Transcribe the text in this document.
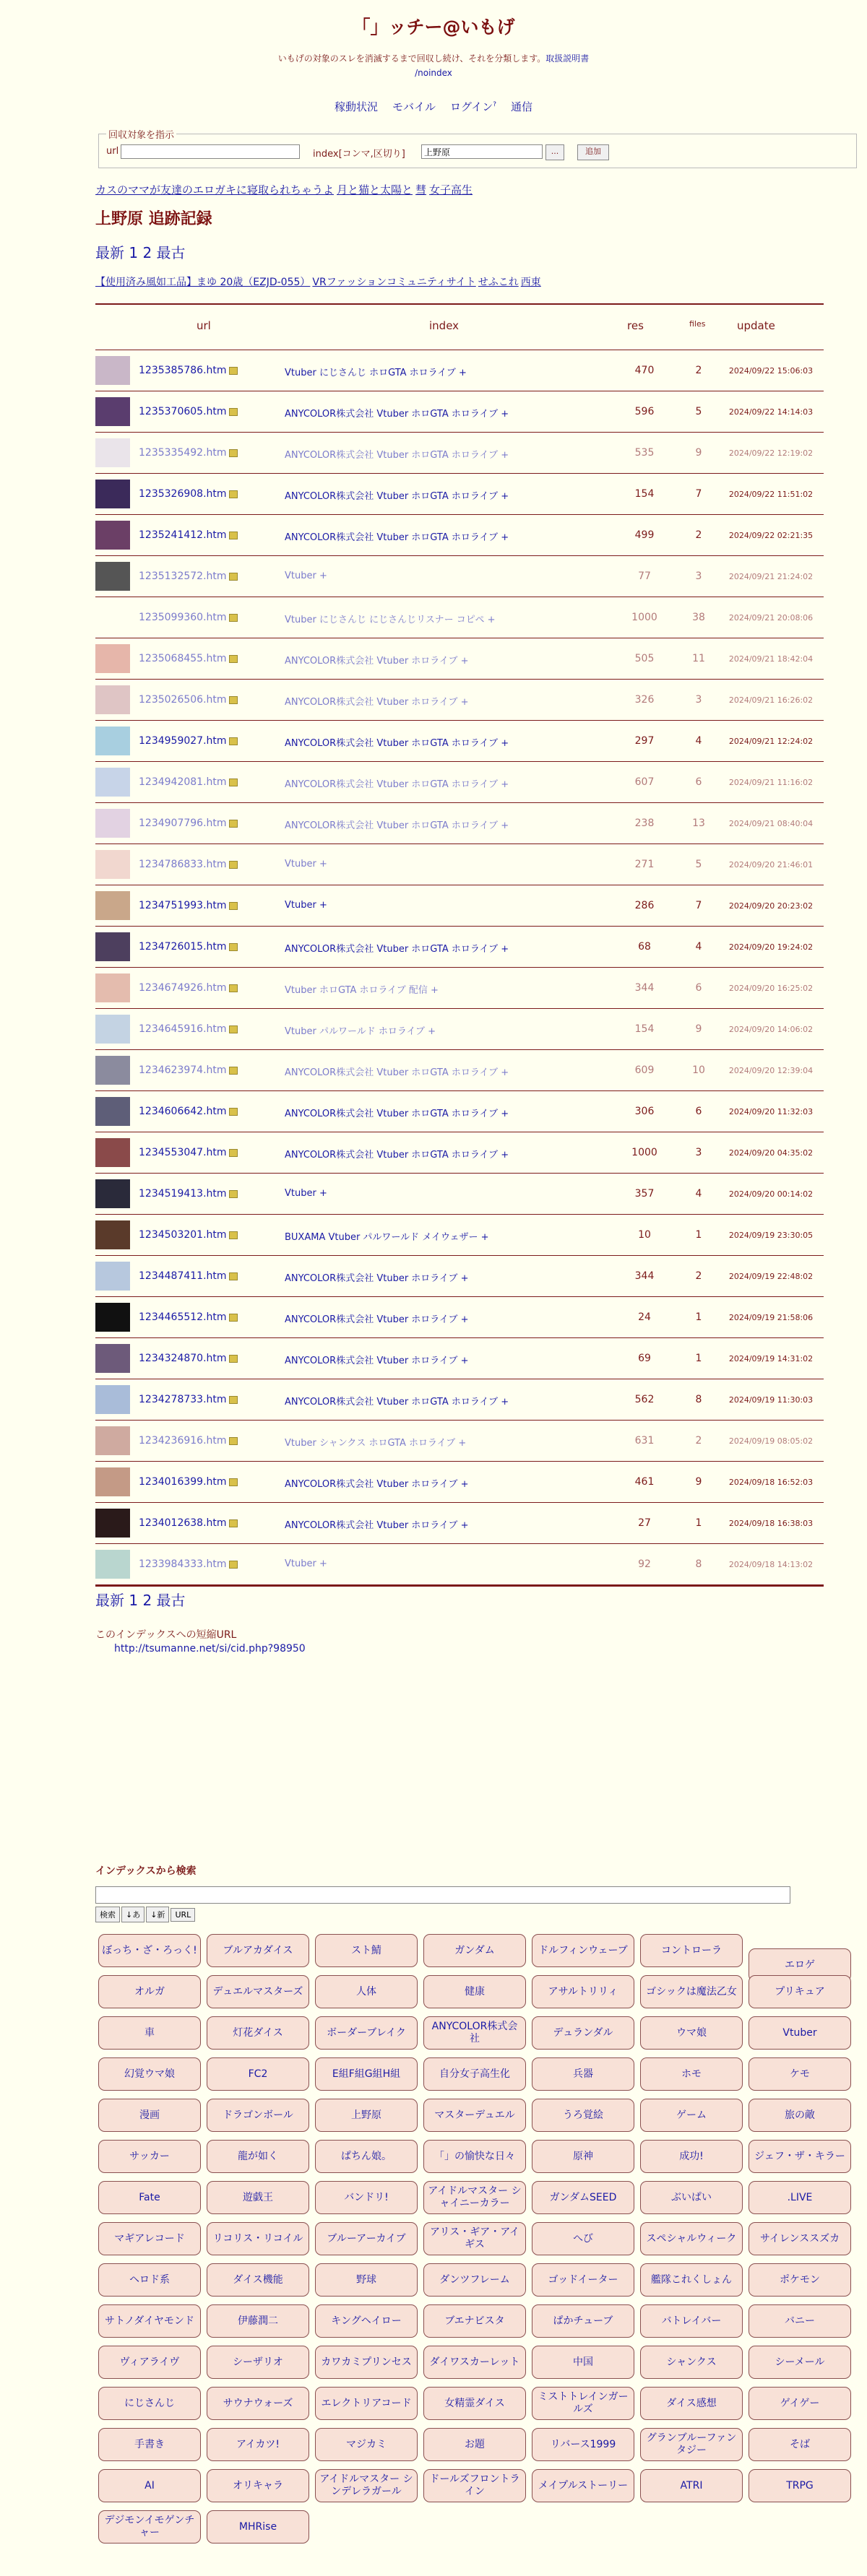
「」ッチー@いもげ
いもげの対象のスレを消滅するまで回収し続け、それを分類します。取扱説明書
/noindex
稼動状況 モバイル ログイン? 通信
回収対象を指示
url	index[コンマ,区切り]
上野原	...	追加
カスのママが友達のエロガキに寝取られちゃうよ 月と猫と太陽と 彗 女子高生
上野原 追跡記録
最新 1 2 最古
【使用済み風如工品】まゆ 20歳（EZJD-055） VRファッションコミュニティサイト せふこれ 西東
url	index	res	files	update
1235385786.htm	Vtuber にじさんじ ホロGTA ホロライブ +	470	2	2024/09/22 15:06:03
1235370605.htm	ANYCOLOR株式会社 Vtuber ホロGTA ホロライブ +	596	5	2024/09/22 14:14:03
1235335492.htm	ANYCOLOR株式会社 Vtuber ホロGTA ホロライブ +	535	9	2024/09/22 12:19:02
1235326908.htm	ANYCOLOR株式会社 Vtuber ホロGTA ホロライブ +	154	7	2024/09/22 11:51:02
1235241412.htm	ANYCOLOR株式会社 Vtuber ホロGTA ホロライブ +	499	2	2024/09/22 02:21:35
1235132572.htm	Vtuber +	77	3	2024/09/21 21:24:02
1235099360.htm	Vtuber にじさんじ にじさんじリスナー コピペ +	1000	38	2024/09/21 20:08:06
1235068455.htm	ANYCOLOR株式会社 Vtuber ホロライブ +	505	11	2024/09/21 18:42:04
1235026506.htm	ANYCOLOR株式会社 Vtuber ホロライブ +	326	3	2024/09/21 16:26:02
1234959027.htm	ANYCOLOR株式会社 Vtuber ホロGTA ホロライブ +	297	4	2024/09/21 12:24:02
1234942081.htm	ANYCOLOR株式会社 Vtuber ホロGTA ホロライブ +	607	6	2024/09/21 11:16:02
1234907796.htm	ANYCOLOR株式会社 Vtuber ホロGTA ホロライブ +	238	13	2024/09/21 08:40:04
1234786833.htm	Vtuber +	271	5	2024/09/20 21:46:01
1234751993.htm	Vtuber +	286	7	2024/09/20 20:23:02
1234726015.htm	ANYCOLOR株式会社 Vtuber ホロGTA ホロライブ +	68	4	2024/09/20 19:24:02
1234674926.htm	Vtuber ホロGTA ホロライブ 配信 +	344	6	2024/09/20 16:25:02
1234645916.htm	Vtuber パルワールド ホロライブ +	154	9	2024/09/20 14:06:02
1234623974.htm	ANYCOLOR株式会社 Vtuber ホロGTA ホロライブ +	609	10	2024/09/20 12:39:04
1234606642.htm	ANYCOLOR株式会社 Vtuber ホロGTA ホロライブ +	306	6	2024/09/20 11:32:03
1234553047.htm	ANYCOLOR株式会社 Vtuber ホロGTA ホロライブ +	1000	3	2024/09/20 04:35:02
1234519413.htm	Vtuber +	357	4	2024/09/20 00:14:02
1234503201.htm	BUXAMA Vtuber パルワールド メイウェザー +	10	1	2024/09/19 23:30:05
1234487411.htm	ANYCOLOR株式会社 Vtuber ホロライブ +	344	2	2024/09/19 22:48:02
1234465512.htm	ANYCOLOR株式会社 Vtuber ホロライブ +	24	1	2024/09/19 21:58:06
1234324870.htm	ANYCOLOR株式会社 Vtuber ホロライブ +	69	1	2024/09/19 14:31:02
1234278733.htm	ANYCOLOR株式会社 Vtuber ホロGTA ホロライブ +	562	8	2024/09/19 11:30:03
1234236916.htm	Vtuber シャンクス ホロGTA ホロライブ +	631	2	2024/09/19 08:05:02
1234016399.htm	ANYCOLOR株式会社 Vtuber ホロライブ +	461	9	2024/09/18 16:52:03
1234012638.htm	ANYCOLOR株式会社 Vtuber ホロライブ +	27	1	2024/09/18 16:38:03
1233984333.htm	Vtuber +	92	8	2024/09/18 14:13:02
最新 1 2 最古
このインデックスへの短縮URL
http://tsumanne.net/si/cid.php?98950
インデックスから検索
検索 ↓あ ↓新 URL
ぼっち・ざ・ろっく!	ブルアカダイス	スト鯖	ガンダム	ドルフィンウェーブ	コントローラ
エロゲ
オルガ	デュエルマスターズ	人体	健康	アサルトリリィ	ゴシックは魔法乙女	プリキュア
車	灯花ダイス	ボーダーブレイク
ANYCOLOR株式会社
デュランダル	ウマ娘	Vtuber
幻覚ウマ娘	FC2	E組F組G組H組	自分女子高生化	兵器	ホモ	ケモ
漫画	ドラゴンボール	上野原	マスターデュエル	うろ覚絵	ゲーム	旅の敵
サッカー	龍が如く	ぱちん娘。	「」の愉快な日々	原神	成功!	ジェフ・ザ・キラー
Fate	遊戯王	バンドリ!
アイドルマスター シャイニーカラー
ガンダムSEED	ぶいぱい	.LIVE
マギアレコード	リコリス・リコイル	ブルーアーカイブ
アリス・ギア・アイギス
へび	スペシャルウィーク	サイレンススズカ
ヘロド系	ダイス機能	野球	ダンツフレーム	ゴッドイーター	艦隊これくしょん	ポケモン
サトノダイヤモンド	伊藤潤二	キングヘイロー	ブエナビスタ	ぱかチューブ	バトレイバー	バニー
ヴィアライヴ	シーザリオ	カワカミプリンセス	ダイワスカーレット	中国	シャンクス	シーメール
にじさんじ	サウナウォーズ	エレクトリアコード	女精霊ダイス
ミストトレインガールズ
ダイス感想	ゲイゲー
手書き	アイカツ!	マジカミ	お題	リバース1999
グランブルーファンタジー
そば
AI	オリキャラ
アイドルマスター シンデレラガール
ドールズフロントライン
メイプルストーリー	ATRI	TRPG
デジモンイモゲンチャー
MHRise
